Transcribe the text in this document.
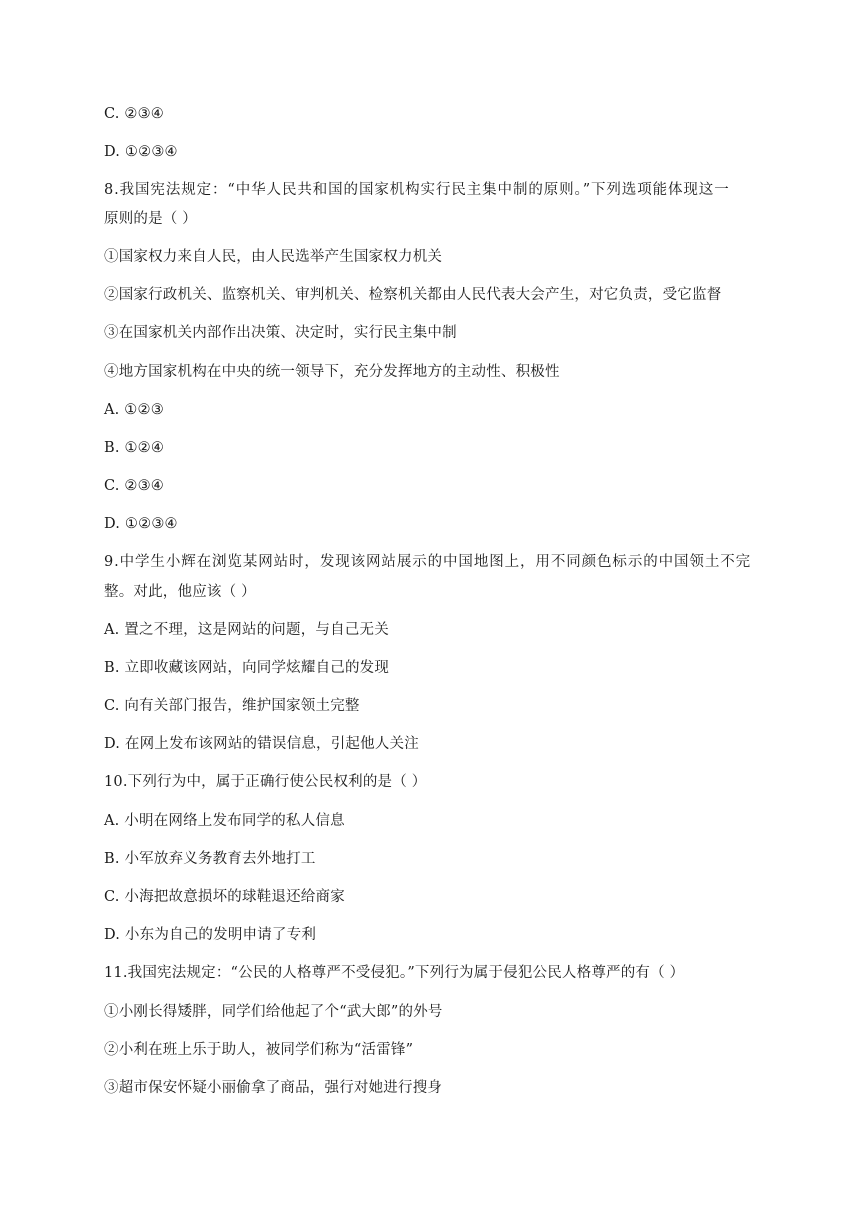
C. ②③④
D. ①②③④
8.我国宪法规定：“中华人民共和国的国家机构实行民主集中制的原则。”下列选项能体现这一
原则的是（ ）
①国家权力来自人民，由人民选举产生国家权力机关
②国家行政机关、监察机关、审判机关、检察机关都由人民代表大会产生，对它负责，受它监督
③在国家机关内部作出决策、决定时，实行民主集中制
④地方国家机构在中央的统一领导下，充分发挥地方的主动性、积极性
A. ①②③
B. ①②④
C. ②③④
D. ①②③④
9.中学生小辉在浏览某网站时，发现该网站展示的中国地图上，用不同颜色标示的中国领土不完
整。对此，他应该（ ）
A. 置之不理，这是网站的问题，与自己无关
B. 立即收藏该网站，向同学炫耀自己的发现
C. 向有关部门报告，维护国家领土完整
D. 在网上发布该网站的错误信息，引起他人关注
10.下列行为中，属于正确行使公民权利的是（ ）
A. 小明在网络上发布同学的私人信息
B. 小军放弃义务教育去外地打工
C. 小海把故意损坏的球鞋退还给商家
D. 小东为自己的发明申请了专利
11.我国宪法规定：“公民的人格尊严不受侵犯。”下列行为属于侵犯公民人格尊严的有（ ）
①小刚长得矮胖，同学们给他起了个“武大郎”的外号
②小利在班上乐于助人，被同学们称为“活雷锋”
③超市保安怀疑小丽偷拿了商品，强行对她进行搜身
